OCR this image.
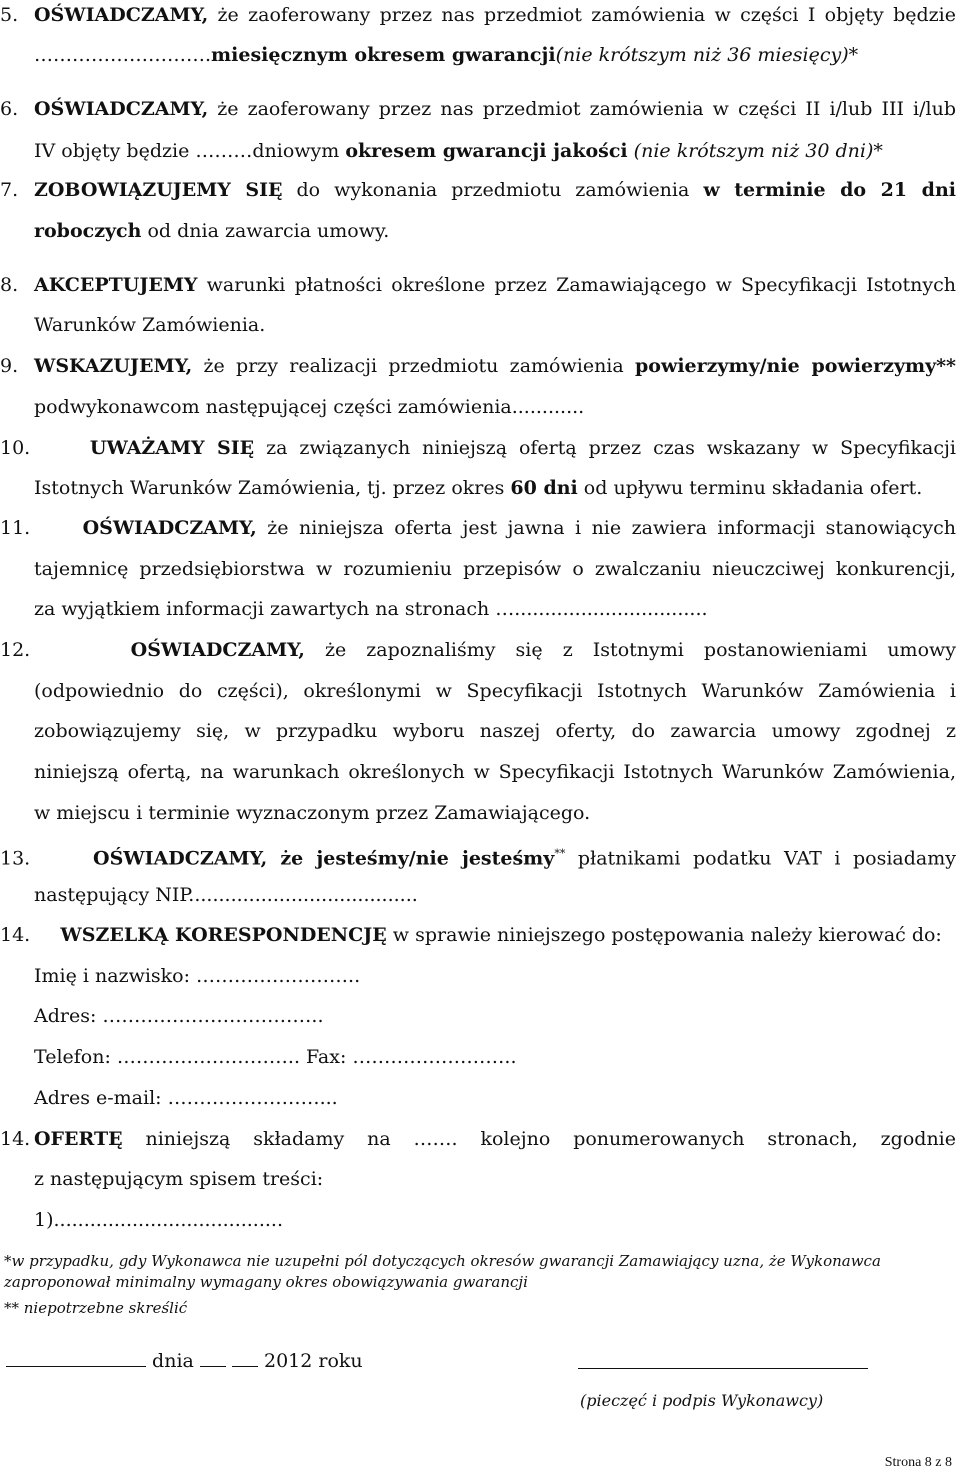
5. OŚWIADCZAMY, że zaoferowany przez nas przedmiot zamówienia w części I objęty będzie
……………………….miesięcznym okresem gwarancji(nie krótszym niż 36 miesięcy)*
6. OŚWIADCZAMY, że zaoferowany przez nas przedmiot zamówienia w części II i/lub III i/lub
IV objęty będzie ………dniowym okresem gwarancji jakości (nie krótszym niż 30 dni)*
7. ZOBOWIĄZUJEMY SIĘ do wykonania przedmiotu zamówienia w terminie do 21 dni
roboczych od dnia zawarcia umowy.
8. AKCEPTUJEMY warunki płatności określone przez Zamawiającego w Specyfikacji Istotnych
Warunków Zamówienia.
9. WSKAZUJEMY, że przy realizacji przedmiotu zamówienia powierzymy/nie powierzymy**
podwykonawcom następującej części zamówienia............
10.	UWAŻAMY SIĘ za związanych niniejszą ofertą przez czas wskazany w Specyfikacji
Istotnych Warunków Zamówienia, tj. przez okres 60 dni od upływu terminu składania ofert.
11.	OŚWIADCZAMY, że niniejsza oferta jest jawna i nie zawiera informacji stanowiących
tajemnicę przedsiębiorstwa w rozumieniu przepisów o zwalczaniu nieuczciwej konkurencji,
za wyjątkiem informacji zawartych na stronach …................................
12.	OŚWIADCZAMY, że zapoznaliśmy się z Istotnymi postanowieniami umowy
(odpowiednio do części), określonymi w Specyfikacji Istotnych Warunków Zamówienia i
zobowiązujemy się, w przypadku wyboru naszej oferty, do zawarcia umowy zgodnej z
niniejszą ofertą, na warunkach określonych w Specyfikacji Istotnych Warunków Zamówienia,
w miejscu i terminie wyznaczonym przez Zamawiającego.
13.	OŚWIADCZAMY, że jesteśmy/nie jesteśmy** płatnikami podatku VAT i posiadamy
następujący NIP......................................
14. WSZELKĄ KORESPONDENCJĘ w sprawie niniejszego postępowania należy kierować do:
Imię i nazwisko: ……………………..
Adres: ……………………………..
Telefon: ……………………….. Fax: ……………………..
Adres e-mail: ……………………...
14. OFERTĘ niniejszą składamy na ……. kolejno ponumerowanych stronach, zgodnie
z następującym spisem treści:
1)......................................
*w przypadku, gdy Wykonawca nie uzupełni pól dotyczących okresów gwarancji Zamawiający uzna, że Wykonawca
zaproponował minimalny wymagany okres obowiązywania gwarancji
** niepotrzebne skreślić
dnia	2012 roku
(pieczęć i podpis Wykonawcy)
Strona 8 z 8
